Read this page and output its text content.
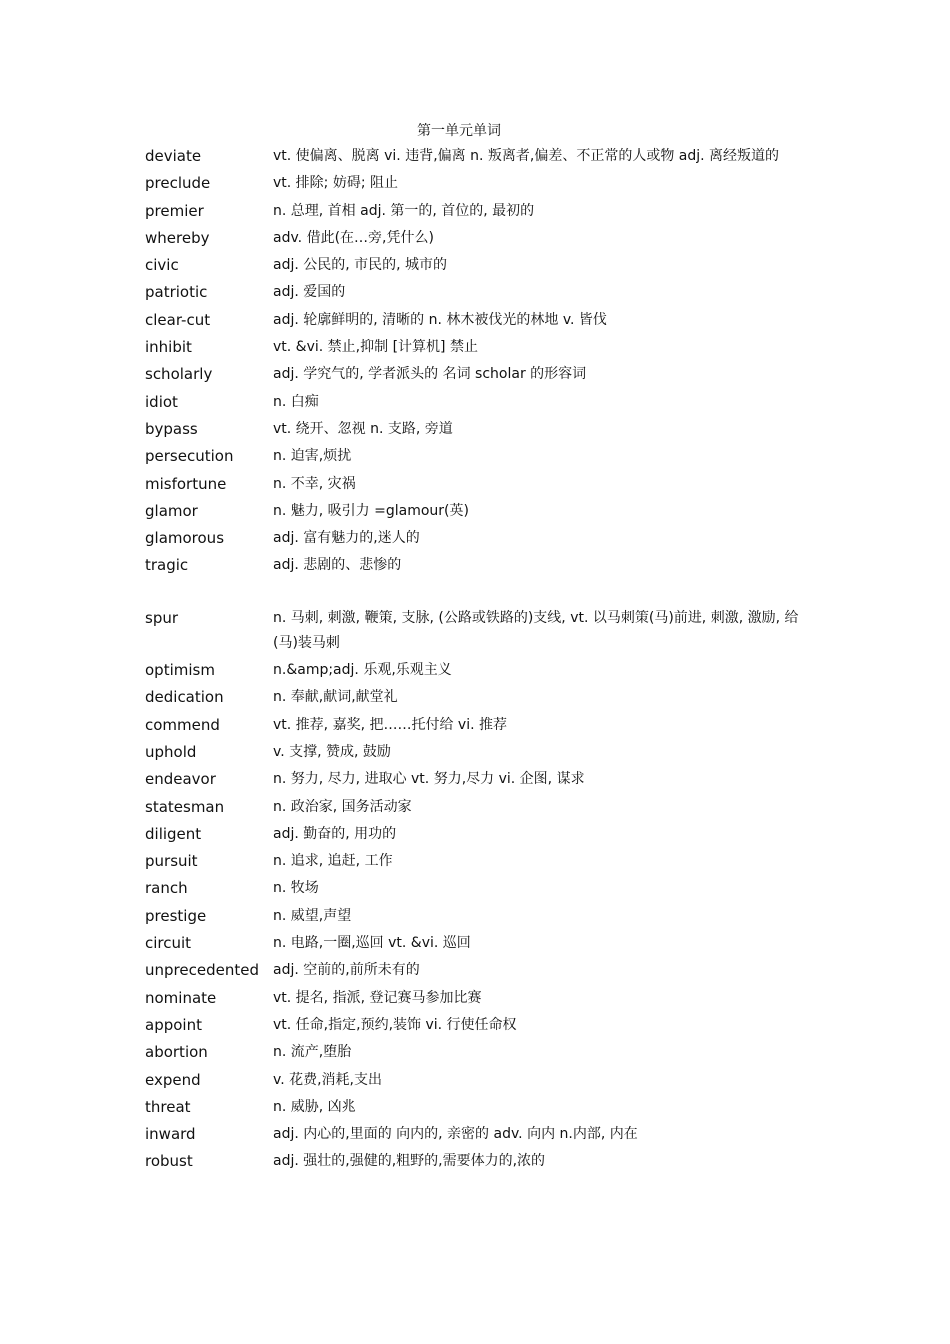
第一单元单词
deviate	vt. 使偏离、脱离 vi. 违背,偏离 n. 叛离者,偏差、不正常的人或物 adj. 离经叛道的
preclude	vt. 排除; 妨碍; 阻止
premier	n. 总理, 首相 adj. 第一的, 首位的, 最初的
whereby	adv. 借此(在…旁,凭什么)
civic	adj. 公民的, 市民的, 城市的
patriotic	adj. 爱国的
clear-cut	adj. 轮廓鲜明的, 清晰的 n. 林木被伐光的林地 v. 皆伐
inhibit	vt. &vi. 禁止,抑制 [计算机] 禁止
scholarly	adj. 学究气的, 学者派头的 名词 scholar 的形容词
idiot	n. 白痴
bypass	vt. 绕开、忽视 n. 支路, 旁道
persecution	n. 迫害,烦扰
misfortune	n. 不幸, 灾祸
glamor	n. 魅力, 吸引力 =glamour(英)
glamorous	adj. 富有魅力的,迷人的
tragic	adj. 悲剧的、悲惨的
spur	n. 马刺, 刺激, 鞭策, 支脉, (公路或铁路的)支线, vt. 以马刺策(马)前进, 刺激, 激励, 给(马)装马刺
optimism	n.&amp;adj. 乐观,乐观主义
dedication	n. 奉献,献词,献堂礼
commend	vt. 推荐, 嘉奖, 把……托付给 vi. 推荐
uphold	v. 支撑, 赞成, 鼓励
endeavor	n. 努力, 尽力, 进取心 vt. 努力,尽力 vi. 企图, 谋求
statesman	n. 政治家, 国务活动家
diligent	adj. 勤奋的, 用功的
pursuit	n. 追求, 追赶, 工作
ranch	n. 牧场
prestige	n. 威望,声望
circuit	n. 电路,一圈,巡回 vt. &vi. 巡回
unprecedented	adj. 空前的,前所未有的
nominate	vt. 提名, 指派, 登记赛马参加比赛
appoint	vt. 任命,指定,预约,装饰 vi. 行使任命权
abortion	n. 流产,堕胎
expend	v. 花费,消耗,支出
threat	n. 威胁, 凶兆
inward	adj. 内心的,里面的 向内的, 亲密的 adv. 向内 n.内部, 内在
robust	adj. 强壮的,强健的,粗野的,需要体力的,浓的
